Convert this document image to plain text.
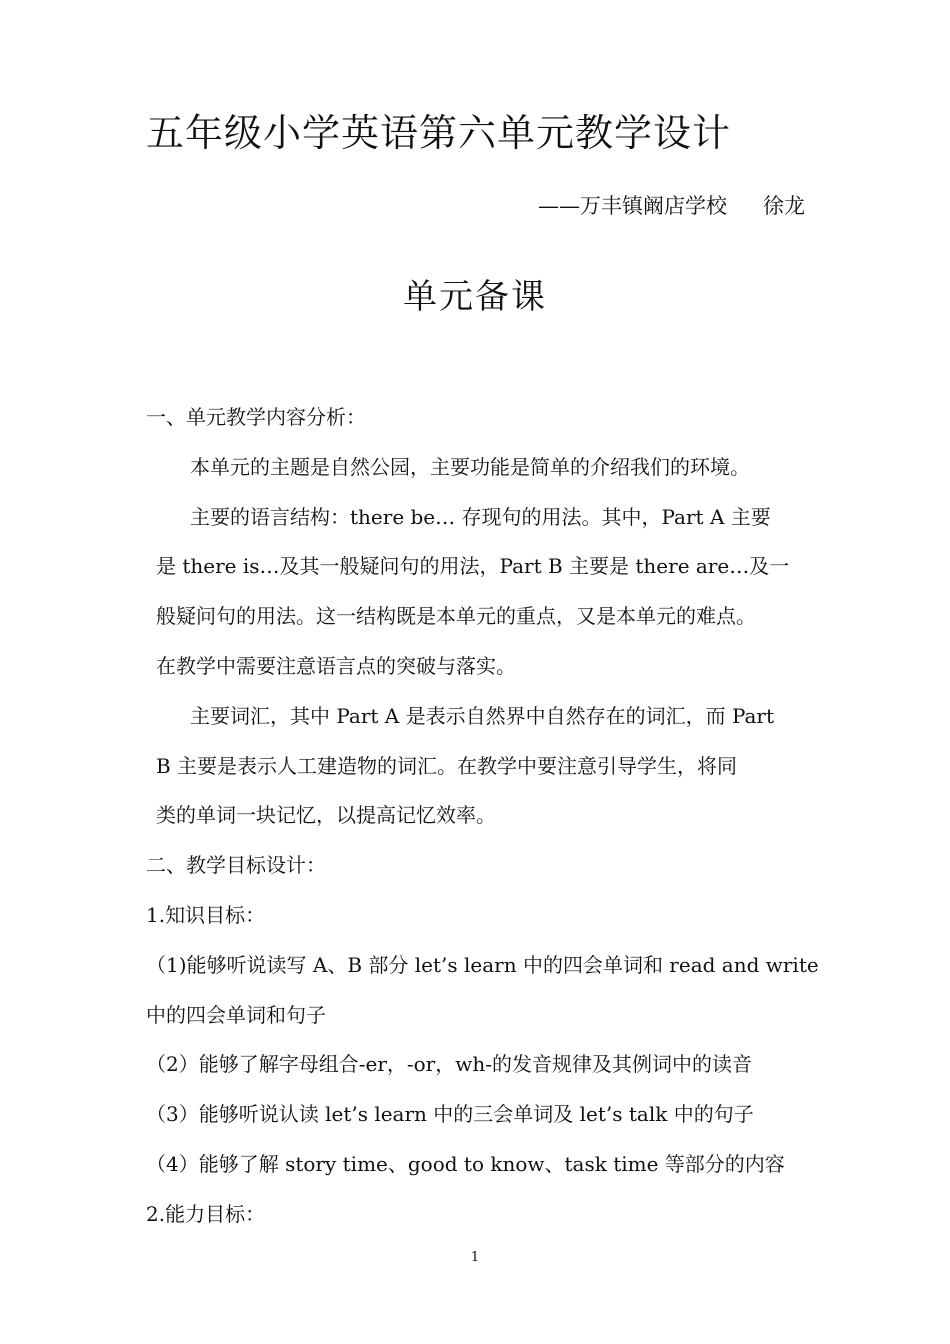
五年级小学英语第六单元教学设计
——万丰镇阚店学校 徐龙
单元备课

一、单元教学内容分析：

本单元的主题是自然公园，主要功能是简单的介绍我们的环境。

主要的语言结构：there be… 存现句的用法。其中，Part A 主要

是 there is…及其一般疑问句的用法，Part B 主要是 there are…及一

般疑问句的用法。这一结构既是本单元的重点，又是本单元的难点。

在教学中需要注意语言点的突破与落实。

主要词汇，其中 Part A 是表示自然界中自然存在的词汇，而 Part

B 主要是表示人工建造物的词汇。在教学中要注意引导学生，将同

类的单词一块记忆，以提高记忆效率。

二、教学目标设计：

1.知识目标：

（1)能够听说读写 A、B 部分 let’s learn 中的四会单词和 read and write

中的四会单词和句子

（2）能够了解字母组合-er，-or，wh-的发音规律及其例词中的读音

（3）能够听说认读 let’s learn 中的三会单词及 let’s talk 中的句子

（4）能够了解 story time、good to know、task time 等部分的内容

2.能力目标：

1
